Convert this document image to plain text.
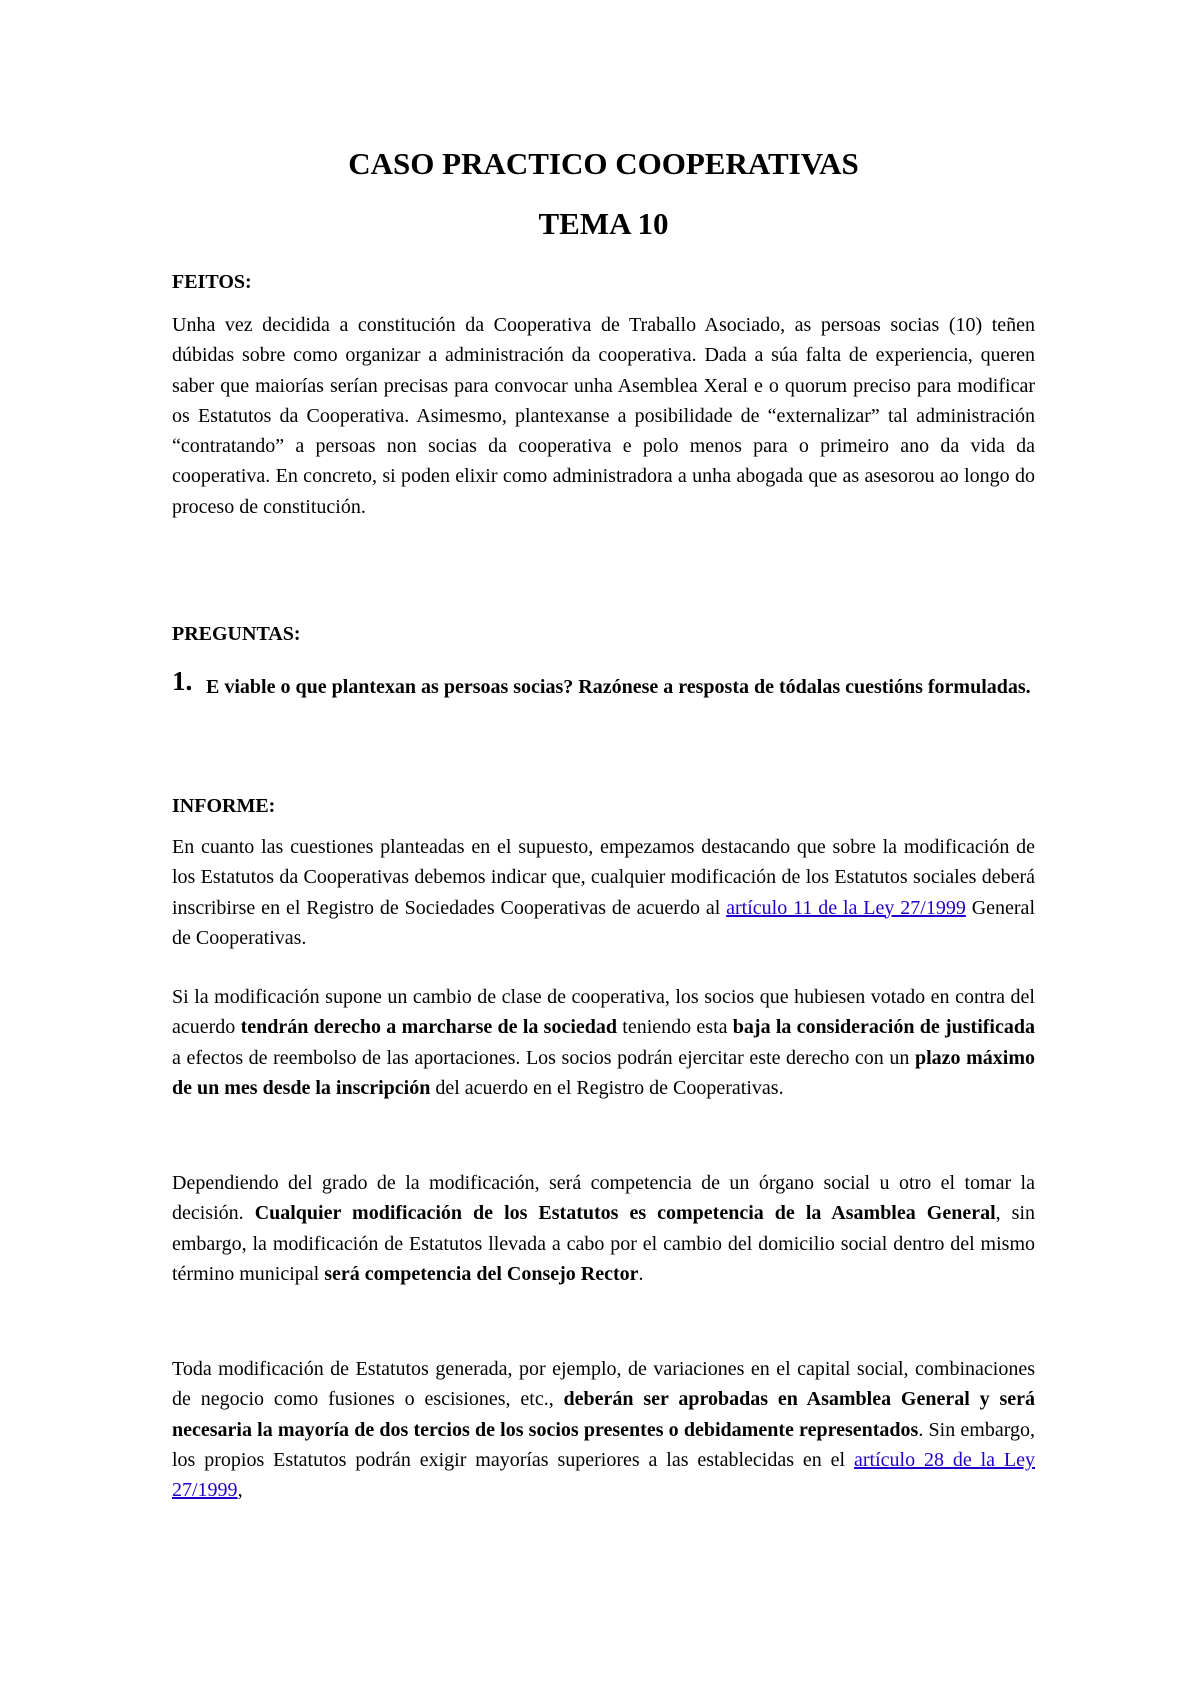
CASO PRACTICO COOPERATIVAS
TEMA 10
FEITOS:

Unha vez decidida a constitución da Cooperativa de Traballo Asociado, as persoas socias (10) teñen dúbidas sobre como organizar a administración da cooperativa. Dada a súa falta de experiencia, queren saber que maiorías serían precisas para convocar unha Asemblea Xeral e o quorum preciso para modificar os Estatutos da Cooperativa. Asimesmo, plantexanse a posibilidade de “externalizar” tal administración “contratando” a persoas non socias da cooperativa e polo menos para o primeiro ano da vida da cooperativa. En concreto, si poden elixir como administradora a unha abogada que as asesorou ao longo do proceso de constitución.

PREGUNTAS:
1. E viable o que plantexan as persoas socias? Razónese a resposta de tódalas cuestións formuladas.
INFORME:

En cuanto las cuestiones planteadas en el supuesto, empezamos destacando que sobre la modificación de los Estatutos da Cooperativas debemos indicar que, cualquier modificación de los Estatutos sociales deberá inscribirse en el Registro de Sociedades Cooperativas de acuerdo al artículo 11 de la Ley 27/1999 General de Cooperativas.

Si la modificación supone un cambio de clase de cooperativa, los socios que hubiesen votado en contra del acuerdo tendrán derecho a marcharse de la sociedad teniendo esta baja la consideración de justificada a efectos de reembolso de las aportaciones. Los socios podrán ejercitar este derecho con un plazo máximo de un mes desde la inscripción del acuerdo en el Registro de Cooperativas.

Dependiendo del grado de la modificación, será competencia de un órgano social u otro el tomar la decisión. Cualquier modificación de los Estatutos es competencia de la Asamblea General, sin embargo, la modificación de Estatutos llevada a cabo por el cambio del domicilio social dentro del mismo término municipal será competencia del Consejo Rector.

Toda modificación de Estatutos generada, por ejemplo, de variaciones en el capital social, combinaciones de negocio como fusiones o escisiones, etc., deberán ser aprobadas en Asamblea General y será necesaria la mayoría de dos tercios de los socios presentes o debidamente representados. Sin embargo, los propios Estatutos podrán exigir mayorías superiores a las establecidas en el artículo 28 de la Ley 27/1999,
